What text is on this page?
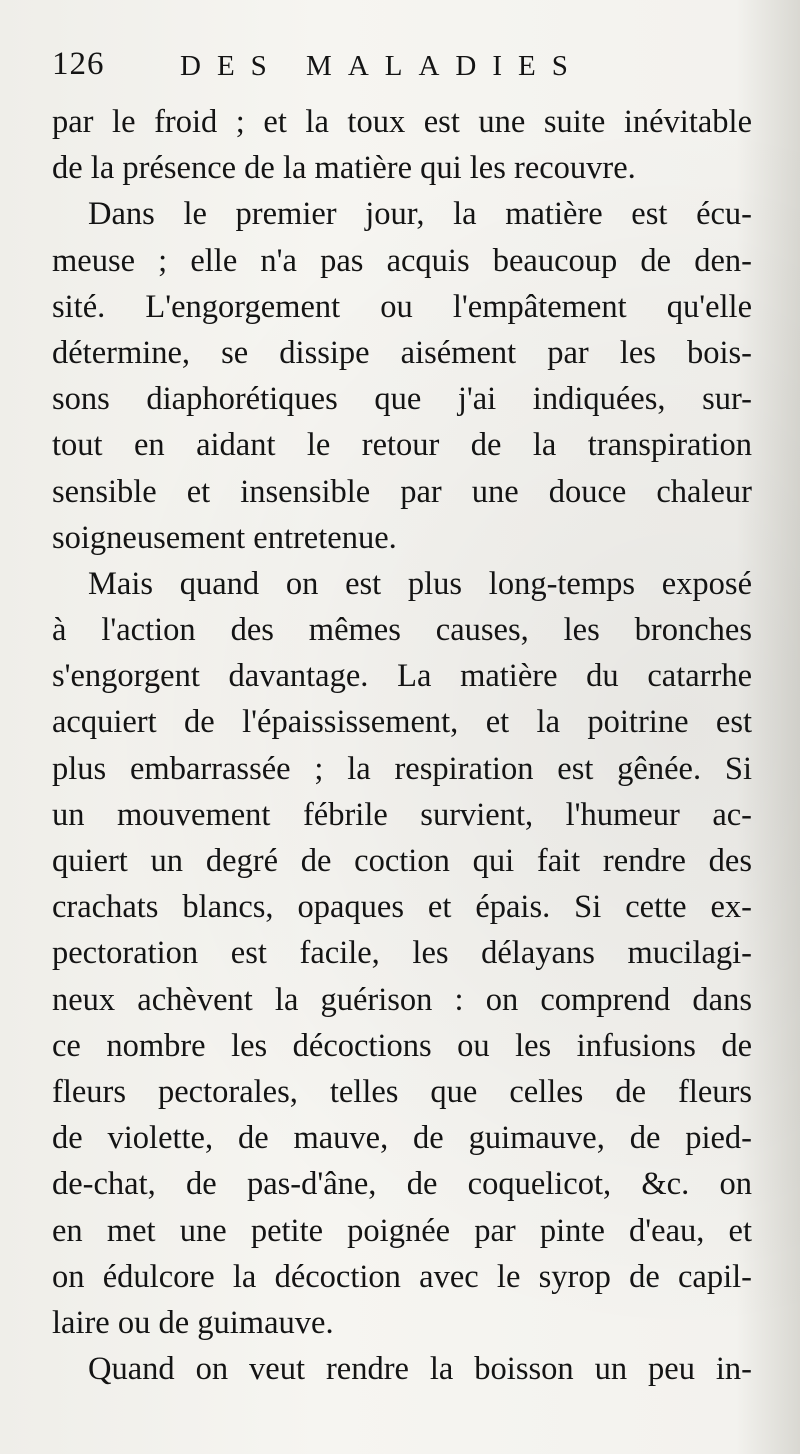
126	DES MALADIES
par le froid ; et la toux est une suite inévitable
de la présence de la matière qui les recouvre.
Dans le premier jour, la matière est écu-
meuse ; elle n'a pas acquis beaucoup de den-
sité. L'engorgement ou l'empâtement qu'elle
détermine, se dissipe aisément par les bois-
sons diaphorétiques que j'ai indiquées, sur-
tout en aidant le retour de la transpiration
sensible et insensible par une douce chaleur
soigneusement entretenue.
Mais quand on est plus long-temps exposé
à l'action des mêmes causes, les bronches
s'engorgent davantage. La matière du catarrhe
acquiert de l'épaississement, et la poitrine est
plus embarrassée ; la respiration est gênée. Si
un mouvement fébrile survient, l'humeur ac-
quiert un degré de coction qui fait rendre des
crachats blancs, opaques et épais. Si cette ex-
pectoration est facile, les délayans mucilagi-
neux achèvent la guérison : on comprend dans
ce nombre les décoctions ou les infusions de
fleurs pectorales, telles que celles de fleurs
de violette, de mauve, de guimauve, de pied-
de-chat, de pas-d'âne, de coquelicot, &c. on
en met une petite poignée par pinte d'eau, et
on édulcore la décoction avec le syrop de capil-
laire ou de guimauve.
Quand on veut rendre la boisson un peu in-
